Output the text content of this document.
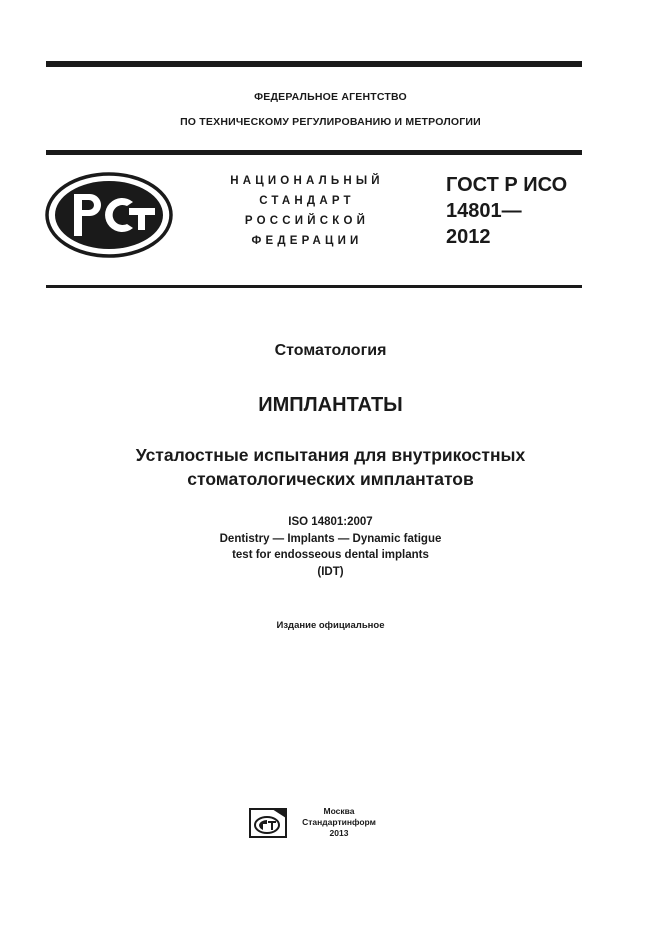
ФЕДЕРАЛЬНОЕ АГЕНТСТВО
ПО ТЕХНИЧЕСКОМУ РЕГУЛИРОВАНИЮ И МЕТРОЛОГИИ
НАЦИОНАЛЬНЫЙ
СТАНДАРТ
РОССИЙСКОЙ
ФЕДЕРАЦИИ
ГОСТ Р ИСО
14801—
2012
Стоматология
ИМПЛАНТАТЫ
Усталостные испытания для внутрикостных
стоматологических имплантатов
ISO 14801:2007
Dentistry — Implants — Dynamic fatigue
test for endosseous dental implants
(IDT)
Издание официальное
Москва
Стандартинформ
2013
